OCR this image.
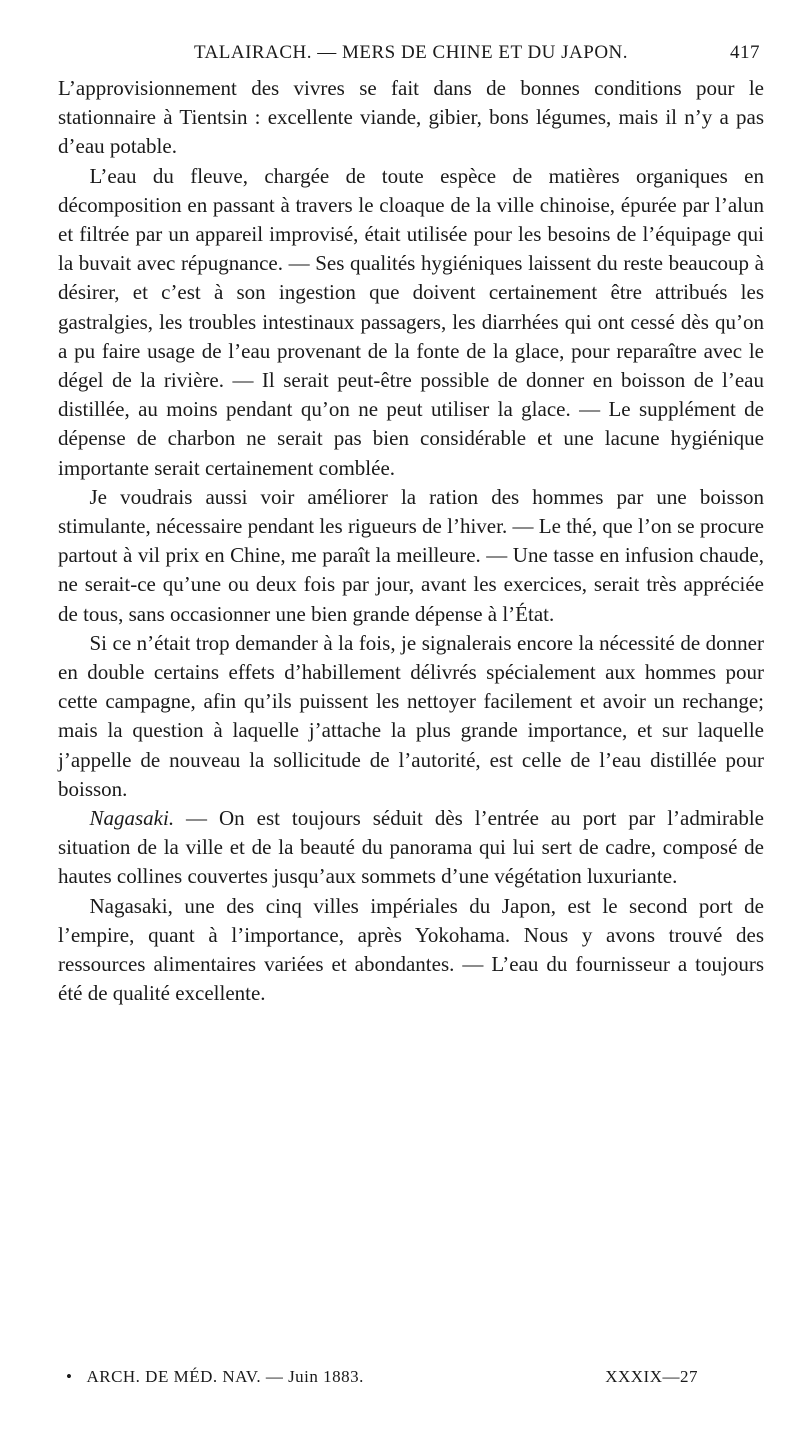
TALAIRACH. — MERS DE CHINE ET DU JAPON.	417

L’approvisionnement des vivres se fait dans de bonnes conditions pour le stationnaire à Tientsin : excellente viande, gibier, bons légumes, mais il n’y a pas d’eau potable.

L’eau du fleuve, chargée de toute espèce de matières organiques en décomposition en passant à travers le cloaque de la ville chinoise, épurée par l’alun et filtrée par un appareil improvisé, était utilisée pour les besoins de l’équipage qui la buvait avec répugnance. — Ses qualités hygiéniques laissent du reste beaucoup à désirer, et c’est à son ingestion que doivent certainement être attribués les gastralgies, les troubles intestinaux passagers, les diarrhées qui ont cessé dès qu’on a pu faire usage de l’eau provenant de la fonte de la glace, pour reparaître avec le dégel de la rivière. — Il serait peut-être possible de donner en boisson de l’eau distillée, au moins pendant qu’on ne peut utiliser la glace. — Le supplément de dépense de charbon ne serait pas bien considérable et une lacune hygiénique importante serait certainement comblée.

Je voudrais aussi voir améliorer la ration des hommes par une boisson stimulante, nécessaire pendant les rigueurs de l’hiver. — Le thé, que l’on se procure partout à vil prix en Chine, me paraît la meilleure. — Une tasse en infusion chaude, ne serait-ce qu’une ou deux fois par jour, avant les exercices, serait très appréciée de tous, sans occasionner une bien grande dépense à l’État.

Si ce n’était trop demander à la fois, je signalerais encore la nécessité de donner en double certains effets d’habillement délivrés spécialement aux hommes pour cette campagne, afin qu’ils puissent les nettoyer facilement et avoir un rechange; mais la question à laquelle j’attache la plus grande importance, et sur laquelle j’appelle de nouveau la sollicitude de l’autorité, est celle de l’eau distillée pour boisson.

Nagasaki. — On est toujours séduit dès l’entrée au port par l’admirable situation de la ville et de la beauté du panorama qui lui sert de cadre, composé de hautes collines couvertes jusqu’aux sommets d’une végétation luxuriante.

Nagasaki, une des cinq villes impériales du Japon, est le second port de l’empire, quant à l’importance, après Yokohama. Nous y avons trouvé des ressources alimentaires variées et abondantes. — L’eau du fournisseur a toujours été de qualité excellente.

• ARCH. DE MÉD. NAV. — Juin 1883.	XXXIX—27
